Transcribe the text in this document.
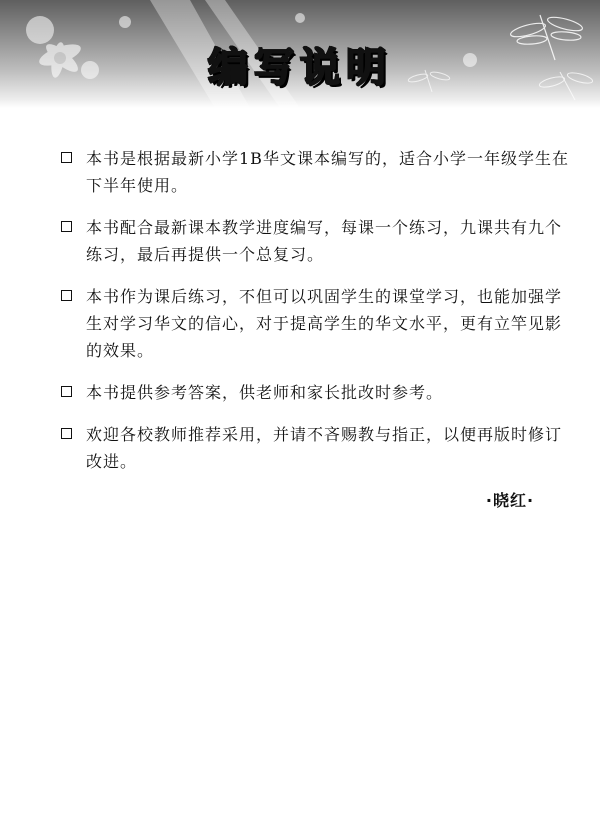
编写说明
本书是根据最新小学1B华文课本编写的，适合小学一年级学生在下半年使用。
本书配合最新课本教学进度编写，每课一个练习，九课共有九个练习，最后再提供一个总复习。
本书作为课后练习，不但可以巩固学生的课堂学习，也能加强学生对学习华文的信心，对于提高学生的华文水平，更有立竿见影的效果。
本书提供参考答案，供老师和家长批改时参考。
欢迎各校教师推荐采用，并请不吝赐教与指正，以便再版时修订改进。
·晓红·
